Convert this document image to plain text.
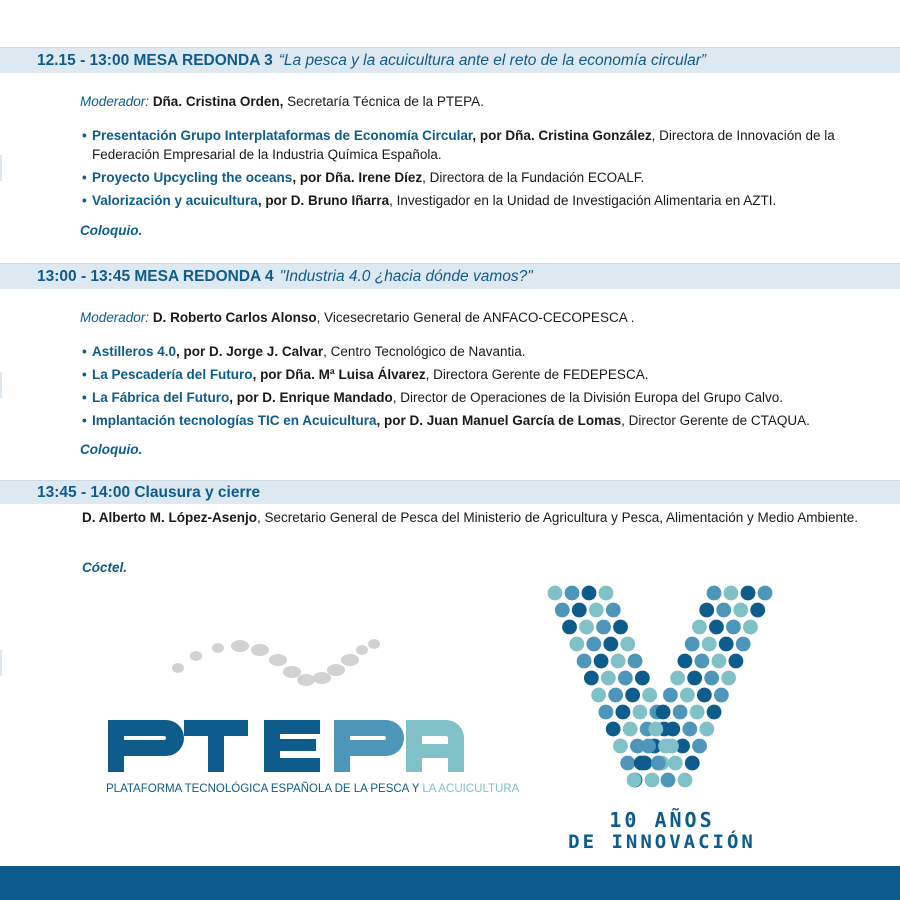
12.15 - 13:00 MESA REDONDA 3 “La pesca y la acuicultura ante el reto de la economía circular”
Moderador: Dña. Cristina Orden, Secretaría Técnica de la PTEPA.
• Presentación Grupo Interplataformas de Economía Circular, por Dña. Cristina González, Directora de Innovación de la Federación Empresarial de la Industria Química Española.
• Proyecto Upcycling the oceans, por Dña. Irene Díez, Directora de la Fundación ECOALF.
• Valorización y acuicultura, por D. Bruno Iñarra, Investigador en la Unidad de Investigación Alimentaria en AZTI.
Coloquio.
13:00 - 13:45 MESA REDONDA 4 "Industria 4.0 ¿hacia dónde vamos?"
Moderador: D. Roberto Carlos Alonso, Vicesecretario General de ANFACO-CECOPESCA .
• Astilleros 4.0, por D. Jorge J. Calvar, Centro Tecnológico de Navantia.
• La Pescadería del Futuro, por Dña. Mª Luisa Álvarez, Directora Gerente de FEDEPESCA.
• La Fábrica del Futuro, por D. Enrique Mandado, Director de Operaciones de la División Europa del Grupo Calvo.
• Implantación tecnologías TIC en Acuicultura, por D. Juan Manuel García de Lomas, Director Gerente de CTAQUA.
Coloquio.
13:45 - 14:00 Clausura y cierre
D. Alberto M. López-Asenjo, Secretario General de Pesca del Ministerio de Agricultura y Pesca, Alimentación y Medio Ambiente.
Cóctel.
PLATAFORMA TECNOLÓGICA ESPAÑOLA DE LA PESCA Y LA ACUICULTURA
10 AÑOS
DE INNOVACIÓN
